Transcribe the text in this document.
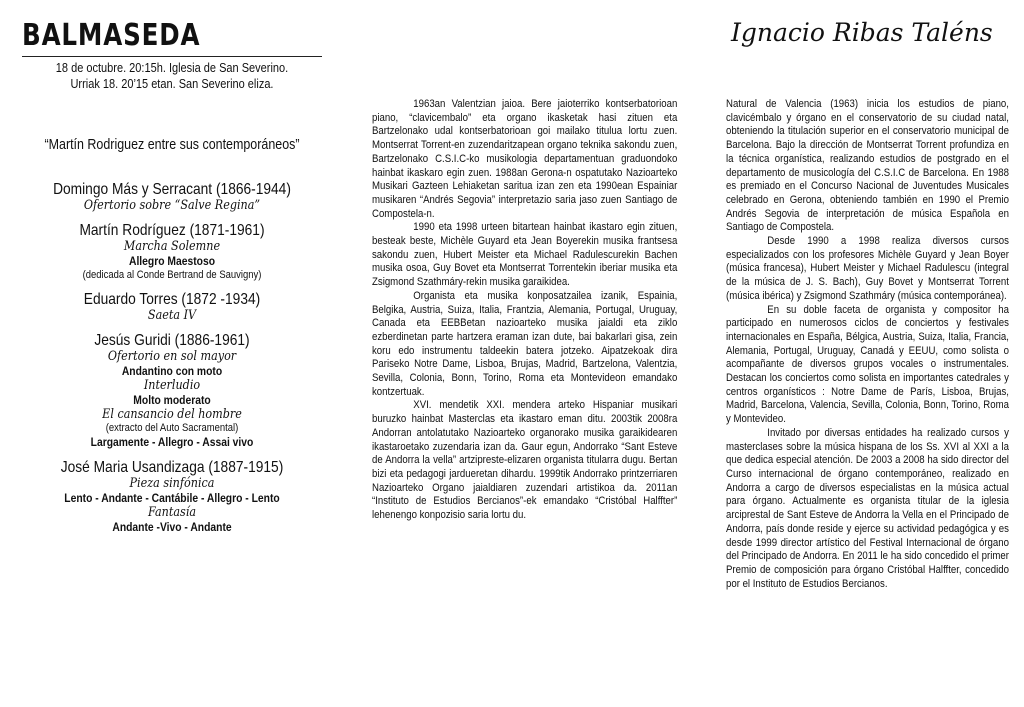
BALMASEDA
18 de octubre. 20:15h. Iglesia de San Severino.
Urriak 18. 20’15 etan. San Severino eliza.
“Martín Rodriguez entre sus contemporáneos”
Domingo Más y Serracant (1866-1944)
Ofertorio sobre “Salve Regina”
Martín Rodríguez (1871-1961)
Marcha Solemne
Allegro Maestoso
(dedicada al Conde Bertrand de Sauvigny)
Eduardo Torres (1872 -1934)
Saeta IV
Jesús Guridi (1886-1961)
Ofertorio en sol mayor
Andantino con moto
Interludio
Molto moderato
El cansancio del hombre
(extracto del Auto Sacramental)
Largamente - Allegro - Assai vivo
José Maria Usandizaga (1887-1915)
Pieza sinfónica
Lento - Andante - Cantábile - Allegro - Lento
Fantasía
Andante -Vivo - Andante
Ignacio Ribas Taléns

1963an Valentzian jaioa. Bere jaioterriko kontserbatorioan piano, “clavicembalo” eta organo ikasketak hasi zituen eta Bartzelonako udal kontserbatorioan goi mailako titulua lortu zuen. Montserrat Torrent-en zuzendaritzapean organo teknika sakondu zuen, Bartzelonako C.S.I.C-ko musikologia departamentuan graduondoko hainbat ikaskaro egin zuen. 1988an Gerona-n ospatutako Nazioarteko Musikari Gazteen Lehiaketan saritua izan zen eta 1990ean Espainiar musikaren “Andrés Segovia” interpretazio saria jaso zuen Santiago de Compostela-n.

1990 eta 1998 urteen bitartean hainbat ikastaro egin zituen, besteak beste, Michèle Guyard eta Jean Boyerekin musika frantsesa sakondu zuen, Hubert Meister eta Michael Radulescurekin Bachen musika osoa, Guy Bovet eta Montserrat Torrentekin iberiar musika eta Zsigmond Szathmáry-rekin musika garaikidea.

Organista eta musika konposatzailea izanik, Espainia, Belgika, Austria, Suiza, Italia, Frantzia, Alemania, Portugal, Uruguay, Canada eta EEBBetan nazioarteko musika jaialdi eta ziklo ezberdinetan parte hartzera eraman izan dute, bai bakarlari gisa, zein koru edo instrumentu taldeekin batera jotzeko. Aipatzekoak dira Pariseko Notre Dame, Lisboa, Brujas, Madrid, Bartzelona, Valentzia, Sevilla, Colonia, Bonn, Torino, Roma eta Montevideon emandako kontzertuak.

XVI. mendetik XXI. mendera arteko Hispaniar musikari buruzko hainbat Masterclas eta ikastaro eman ditu. 2003tik 2008ra Andorran antolatutako Nazioarteko organorako musika garaikidearen ikastaroetako zuzendaria izan da. Gaur egun, Andorrako “Sant Esteve de Andorra la vella” artzipreste-elizaren organista titularra dugu. Bertan bizi eta pedagogi jardueretan dihardu. 1999tik Andorrako printzerriaren Nazioarteko Organo jaialdiaren zuzendari artistikoa da. 2011an “Instituto de Estudios Bercianos”-ek emandako “Cristóbal Halffter” lehenengo konpozisio saria lortu du.

Natural de Valencia (1963) inicia los estudios de piano, clavicémbalo y órgano en el conservatorio de su ciudad natal, obteniendo la titulación superior en el conservatorio municipal de Barcelona. Bajo la dirección de Montserrat Torrent profundiza en la técnica organística, realizando estudios de postgrado en el departamento de musicología del C.S.I.C de Barcelona. En 1988 es premiado en el Concurso Nacional de Juventudes Musicales celebrado en Gerona, obteniendo también en 1990 el Premio Andrés Segovia de interpretación de música Española en Santiago de Compostela.

Desde 1990 a 1998 realiza diversos cursos especializados con los profesores Michèle Guyard y Jean Boyer (música francesa), Hubert Meister y Michael Radulescu (integral de la música de J. S. Bach), Guy Bovet y Montserrat Torrent (música ibérica) y Zsigmond Szathmáry (música contemporánea).

En su doble faceta de organista y compositor ha participado en numerosos ciclos de conciertos y festivales internacionales en España, Bélgica, Austria, Suiza, Italia, Francia, Alemania, Portugal, Uruguay, Canadá y EEUU, como solista o acompañante de diversos grupos vocales o instrumentales. Destacan los conciertos como solista en importantes catedrales y centros organísticos : Notre Dame de París, Lisboa, Brujas, Madrid, Barcelona, Valencia, Sevilla, Colonia, Bonn, Torino, Roma y Montevideo.

Invitado por diversas entidades ha realizado cursos y masterclases sobre la música hispana de los Ss. XVI al XXI a la que dedica especial atención. De 2003 a 2008 ha sido director del Curso internacional de órgano contemporáneo, realizado en Andorra a cargo de diversos especialistas en la música actual para órgano. Actualmente es organista titular de la iglesia arciprestal de Sant Esteve de Andorra la Vella en el Principado de Andorra, país donde reside y ejerce su actividad pedagógica y es desde 1999 director artístico del Festival Internacional de órgano del Principado de Andorra. En 2011 le ha sido concedido el primer Premio de composición para órgano Cristóbal Halffter, concedido por el Instituto de Estudios Bercianos.
